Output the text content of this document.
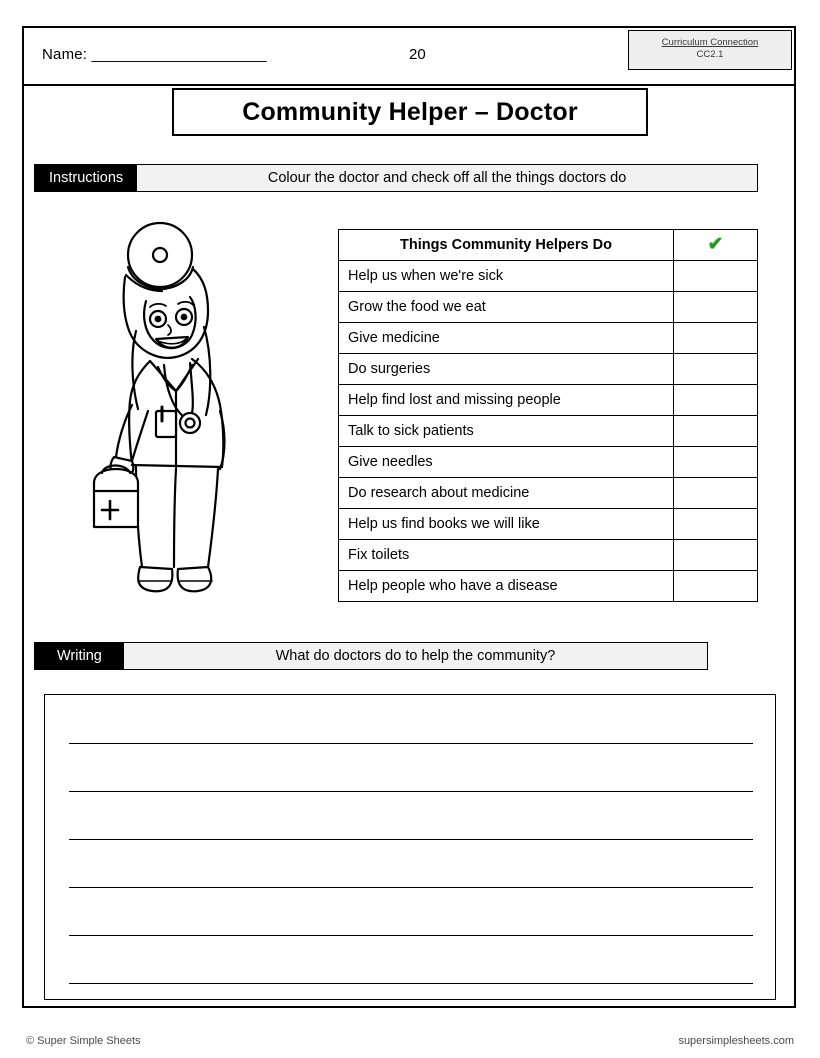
Name: _____________________	20
Curriculum Connection
CC2.1
Community Helper – Doctor
Instructions	Colour the doctor and check off all the things doctors do
Things Community Helpers Do	✔
Help us when we're sick	
Grow the food we eat	
Give medicine	
Do surgeries	
Help find lost and missing people	
Talk to sick patients	
Give needles	
Do research about medicine	
Help us find books we will like	
Fix toilets	
Help people who have a disease	
Writing	What do doctors do to help the community?
© Super Simple Sheets	supersimplesheets.com
